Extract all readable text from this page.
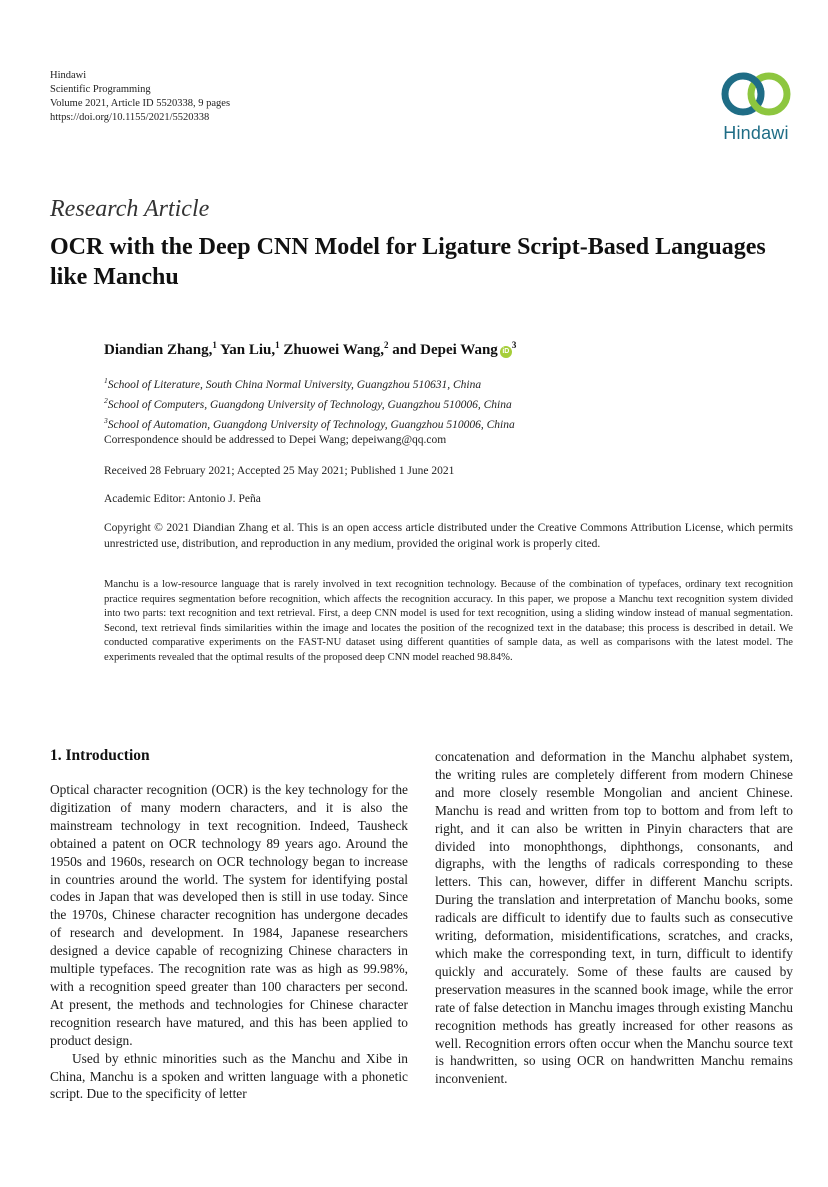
Hindawi
Scientific Programming
Volume 2021, Article ID 5520338, 9 pages
https://doi.org/10.1155/2021/5520338
Hindawi
Research Article
OCR with the Deep CNN Model for Ligature Script-Based Languages like Manchu
Diandian Zhang,$^1$ Yan Liu,$^1$ Zhuowei Wang,$^2$ and Depei Wang $iD^3$
$^1$School of Literature, South China Normal University, Guangzhou 510631, China
$^2$School of Computers, Guangdong University of Technology, Guangzhou 510006, China
$^3$School of Automation, Guangdong University of Technology, Guangzhou 510006, China
Correspondence should be addressed to Depei Wang; depeiwang@qq.com
Received 28 February 2021; Accepted 25 May 2021; Published 1 June 2021
Academic Editor: Antonio J. Peña
Copyright © 2021 Diandian Zhang et al. This is an open access article distributed under the Creative Commons Attribution License, which permits unrestricted use, distribution, and reproduction in any medium, provided the original work is properly cited.
Manchu is a low-resource language that is rarely involved in text recognition technology. Because of the combination of typefaces, ordinary text recognition practice requires segmentation before recognition, which affects the recognition accuracy. In this paper, we propose a Manchu text recognition system divided into two parts: text recognition and text retrieval. First, a deep CNN model is used for text recognition, using a sliding window instead of manual segmentation. Second, text retrieval finds similarities within the image and locates the position of the recognized text in the database; this process is described in detail. We conducted comparative experiments on the FAST-NU dataset using different quantities of sample data, as well as comparisons with the latest model. The experiments revealed that the optimal results of the proposed deep CNN model reached 98.84%.
1. Introduction

Optical character recognition (OCR) is the key technology for the digitization of many modern characters, and it is also the mainstream technology in text recognition. Indeed, Tausheck obtained a patent on OCR technology 89 years ago. Around the 1950s and 1960s, research on OCR technology began to increase in countries around the world. The system for identifying postal codes in Japan that was developed then is still in use today. Since the 1970s, Chinese character recognition has undergone decades of research and development. In 1984, Japanese researchers designed a device capable of recognizing Chinese characters in multiple typefaces. The recognition rate was as high as 99.98%, with a recognition speed greater than 100 characters per second. At present, the methods and technologies for Chinese character recognition research have matured, and this has been applied to product design.

Used by ethnic minorities such as the Manchu and Xibe in China, Manchu is a spoken and written language with a phonetic script. Due to the specificity of letter

concatenation and deformation in the Manchu alphabet system, the writing rules are completely different from modern Chinese and more closely resemble Mongolian and ancient Chinese. Manchu is read and written from top to bottom and from left to right, and it can also be written in Pinyin characters that are divided into monophthongs, diphthongs, consonants, and digraphs, with the lengths of radicals corresponding to these letters. This can, however, differ in different Manchu scripts. During the translation and interpretation of Manchu books, some radicals are difficult to identify due to faults such as consecutive writing, deformation, misidentifications, scratches, and cracks, which make the corresponding text, in turn, difficult to identify quickly and accurately. Some of these faults are caused by preservation measures in the scanned book image, while the error rate of false detection in Manchu images through existing Manchu recognition methods has greatly increased for other reasons as well. Recognition errors often occur when the Manchu source text is handwritten, so using OCR on handwritten Manchu remains inconvenient.
